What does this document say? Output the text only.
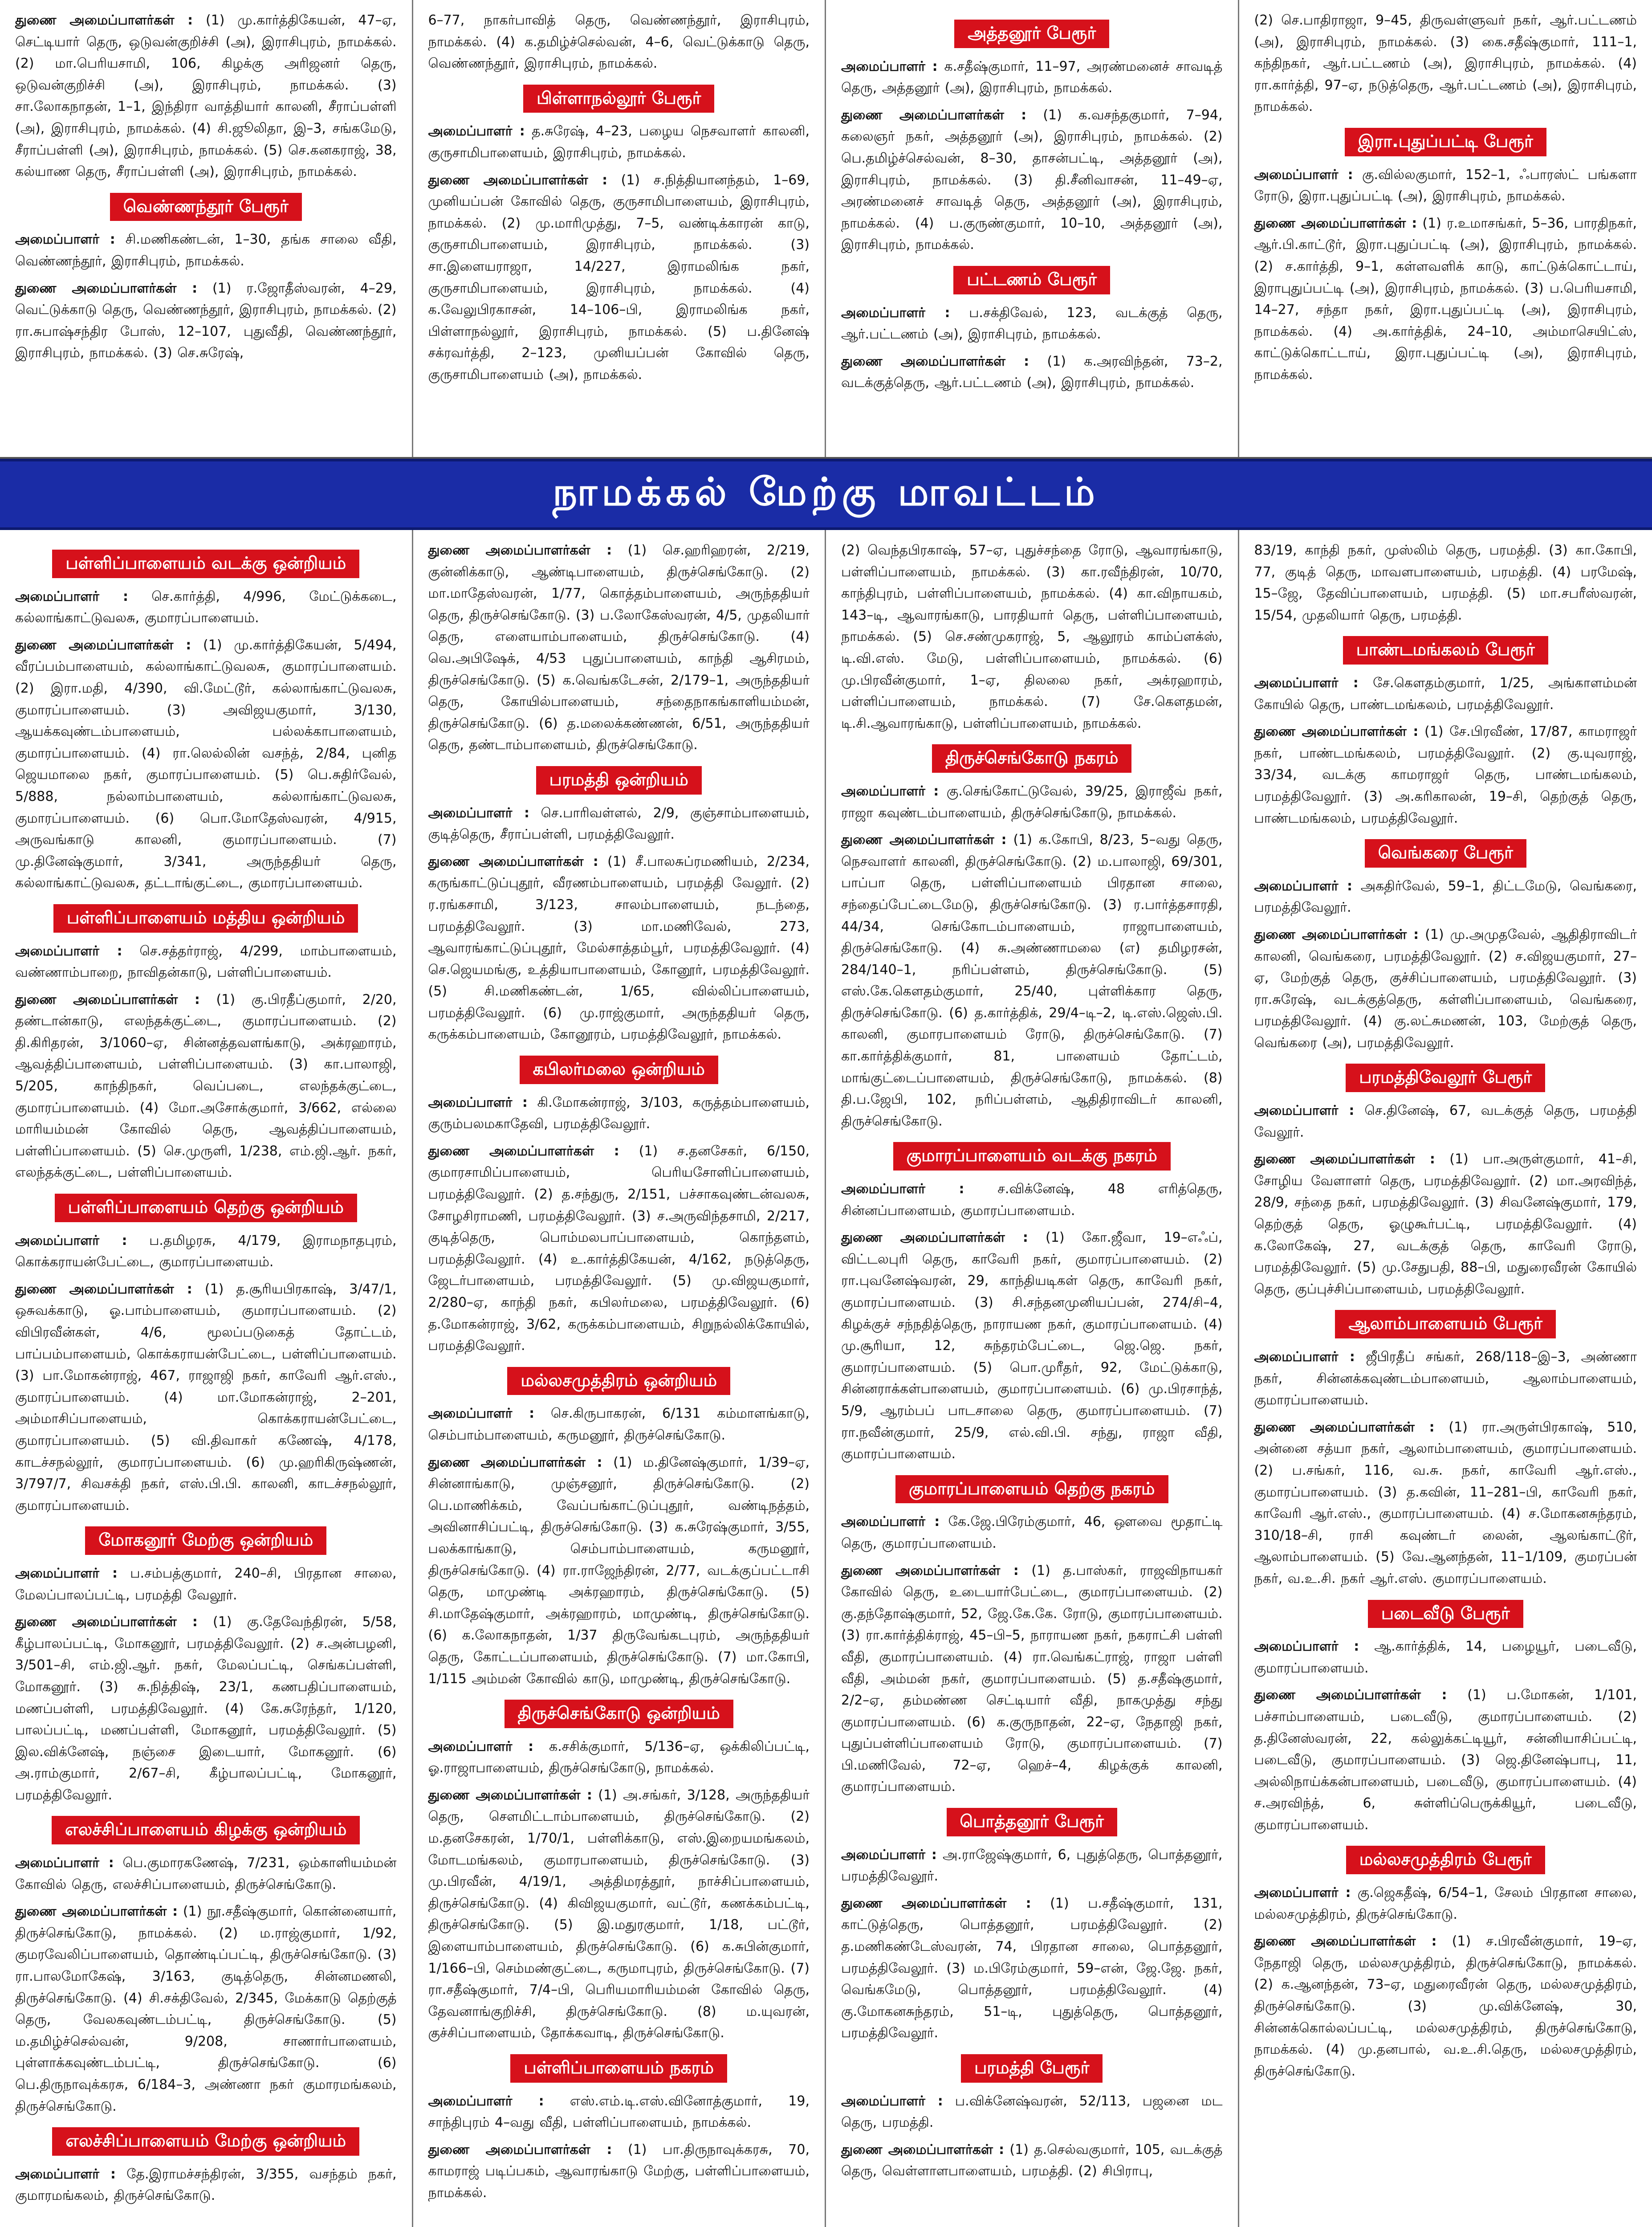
துணை அமைப்பாளர்கள் : (1) மு.கார்த்திகேயன், 47–ஏ, செட்டியார் தெரு, ஒடுவன்குறிச்சி (அ), இராசிபுரம், நாமக்கல். (2) மா.பெரியசாமி, 106, கிழக்கு அரிஜனர் தெரு, ஒடுவன்குறிச்சி (அ), இராசிபுரம், நாமக்கல். (3) சா.லோகநாதன், 1–1, இந்திரா வாத்தியார் காலனி, சீராப்பள்ளி (அ), இராசிபுரம், நாமக்கல். (4) சி.ஜூலிதா, இ–3, சங்கமேடு, சீராப்பள்ளி (அ), இராசிபுரம், நாமக்கல். (5) செ.கனகராஜ், 38, கல்யாண தெரு, சீராப்பள்ளி (அ), இராசிபுரம், நாமக்கல்.

வெண்ணந்தூர் பேரூர்

அமைப்பாளர் : சி.மணிகண்டன், 1–30, தங்க சாலை வீதி, வெண்ணந்தூர், இராசிபுரம், நாமக்கல்.

துணை அமைப்பாளர்கள் : (1) ர.ஜோதீஸ்வரன், 4–29, வெட்டுக்காடு தெரு, வெண்ணந்தூர், இராசிபுரம், நாமக்கல். (2) ரா.சுபாஷ்சந்திர போஸ், 12–107, புதுவீதி, வெண்ணந்தூர், இராசிபுரம், நாமக்கல். (3) செ.சுரேஷ்,

6–77, நாகர்பாவித் தெரு, வெண்ணந்தூர், இராசிபுரம், நாமக்கல். (4) க.தமிழ்ச்செல்வன், 4–6, வெட்டுக்காடு தெரு, வெண்ணந்தூர், இராசிபுரம், நாமக்கல்.

பிள்ளாநல்லூர் பேரூர்

அமைப்பாளர் : த.சுரேஷ், 4–23, பழைய நெசவாளர் காலனி, குருசாமிபாளையம், இராசிபுரம், நாமக்கல்.

துணை அமைப்பாளர்கள் : (1) ச.நித்தியானந்தம், 1–69, முனியப்பன் கோவில் தெரு, குருசாமிபாளையம், இராசிபுரம், நாமக்கல். (2) மு.மாரிமுத்து, 7–5, வண்டிக்காரன் காடு, குருசாமிபாளையம், இராசிபுரம், நாமக்கல். (3) சா.இளையராஜா, 14/227, இராமலிங்க நகர், குருசாமிபாளையம், இராசிபுரம், நாமக்கல். (4) க.வேலுபிரகாசன், 14–106–பி, இராமலிங்க நகர், பிள்ளாநல்லூர், இராசிபுரம், நாமக்கல். (5) ப.தினேஷ் சக்ரவர்த்தி, 2–123, முனியப்பன் கோவில் தெரு, குருசாமிபாளையம் (அ), நாமக்கல்.

அத்தனூர் பேரூர்

அமைப்பாளர் : க.சதீஷ்குமார், 11–97, அரண்மனைச் சாவடித் தெரு, அத்தனூர் (அ), இராசிபுரம், நாமக்கல்.

துணை அமைப்பாளர்கள் : (1) க.வசந்தகுமார், 7–94, கலைஞர் நகர், அத்தனூர் (அ), இராசிபுரம், நாமக்கல். (2) பெ.தமிழ்ச்செல்வன், 8–30, தாசன்பட்டி, அத்தனூர் (அ), இராசிபுரம், நாமக்கல். (3) தி.சீனிவாசன், 11–49–ஏ, அரண்மனைச் சாவடித் தெரு, அத்தனூர் (அ), இராசிபுரம், நாமக்கல். (4) ப.குருண்குமார், 10–10, அத்தனூர் (அ), இராசிபுரம், நாமக்கல்.

பட்டணம் பேரூர்

அமைப்பாளர் : ப.சக்திவேல், 123, வடக்குத் தெரு, ஆர்.பட்டணம் (அ), இராசிபுரம், நாமக்கல்.

துணை அமைப்பாளர்கள் : (1) க.அரவிந்தன், 73–2, வடக்குத்தெரு, ஆர்.பட்டணம் (அ), இராசிபுரம், நாமக்கல்.

(2) செ.பாதிராஜா, 9–45, திருவள்ளுவர் நகர், ஆர்.பட்டணம் (அ), இராசிபுரம், நாமக்கல். (3) கை.சதீஷ்குமார், 111–1, கந்திநகர், ஆர்.பட்டணம் (அ), இராசிபுரம், நாமக்கல். (4) ரா.கார்த்தி, 97–ஏ, நடுத்தெரு, ஆர்.பட்டணம் (அ), இராசிபுரம், நாமக்கல்.

இரா.புதுப்பட்டி பேரூர்

அமைப்பாளர் : கு.வில்லகுமார், 152–1, ஃபாரஸ்ட் பங்களா ரோடு, இரா.புதுப்பட்டி (அ), இராசிபுரம், நாமக்கல்.

துணை அமைப்பாளர்கள் : (1) ர.உமாசங்கர், 5–36, பாரதிநகர், ஆர்.பி.காட்டூர், இரா.புதுப்பட்டி (அ), இராசிபுரம், நாமக்கல். (2) ச.கார்த்தி, 9–1, கள்ளவளிக் காடு, காட்டுக்கொட்டாய், இராபுதுப்பட்டி (அ), இராசிபுரம், நாமக்கல். (3) ப.பெரியசாமி, 14–27, சந்தா நகர், இரா.புதுப்பட்டி (அ), இராசிபுரம், நாமக்கல். (4) அ.கார்த்திக், 24–10, அம்மாசெயிட்ஸ், காட்டுக்கொட்டாய், இரா.புதுப்பட்டி (அ), இராசிபுரம், நாமக்கல்.

நாமக்கல் மேற்கு மாவட்டம்
பள்ளிப்பாளையம் வடக்கு ஒன்றியம்

அமைப்பாளர் : செ.கார்த்தி, 4/996, மேட்டுக்கடை, கல்லாங்காட்டுவலசு, குமாரப்பாளையம்.

துணை அமைப்பாளர்கள் : (1) மு.கார்த்திகேயன், 5/494, வீரப்பம்பாளையம், கல்லாங்காட்டுவலசு, குமாரப்பாளையம். (2) இரா.மதி, 4/390, வி.மேட்டூர், கல்லாங்காட்டுவலசு, குமாரப்பாளையம். (3) அவிஜயகுமார், 3/130, ஆயக்கவுண்டம்பாளையம், பல்லக்காபாளையம், குமாரப்பாளையம். (4) ரா.லெல்லின் வசந்த், 2/84, புனித ஜெயமாலை நகர், குமாரப்பாளையம். (5) பெ.சுதிர்வேல், 5/888, நல்லாம்பாளையம், கல்லாங்காட்டுவலசு, குமாரப்பாளையம். (6) பொ.மோதேஸ்வரன், 4/915, அருவங்காடு காலனி, குமாரப்பாளையம். (7) மு.தினேஷ்குமார், 3/341, அருந்ததியர் தெரு, கல்லாங்காட்டுவலசு, தட்டாங்குட்டை, குமாரப்பாளையம்.

பள்ளிப்பாளையம் மத்திய ஒன்றியம்

அமைப்பாளர் : செ.சத்தர்ராஜ், 4/299, மாம்பாளையம், வண்ணாம்பாறை, நாவிதன்காடு, பள்ளிப்பாளையம்.

துணை அமைப்பாளர்கள் : (1) கு.பிரதீப்குமார், 2/20, தண்டான்காடு, எலந்தக்குட்டை, குமாரப்பாளையம். (2) தி.கிரிதரன், 3/1060–ஏ, சின்னத்தவளங்காடு, அக்ரஹாரம், ஆவத்திப்பாளையம், பள்ளிப்பாளையம். (3) கா.பாலாஜி, 5/205, காந்திநகர், வெப்படை, எலந்தக்குட்டை, குமாரப்பாளையம். (4) மோ.அசோக்குமார், 3/662, எல்லை மாரியம்மன் கோவில் தெரு, ஆவத்திப்பாளையம், பள்ளிப்பாளையம். (5) செ.முருளி, 1/238, எம்.ஜி.ஆர். நகர், எலந்தக்குட்டை, பள்ளிப்பாளையம்.

பள்ளிப்பாளையம் தெற்கு ஒன்றியம்

அமைப்பாளர் : ப.தமிழரசு, 4/179, இராமநாதபுரம், கொக்கராயன்பேட்டை, குமாரப்பாளையம்.

துணை அமைப்பாளர்கள் : (1) த.சூரியபிரகாஷ், 3/47/1, ஒசுவக்காடு, ஓ.பாம்பாளையம், குமாரப்பாளையம். (2) விபிரவீன்கள், 4/6, மூலப்படுகைத் தோட்டம், பாப்பம்பாளையம், கொக்கராயன்பேட்டை, பள்ளிப்பாளையம். (3) பா.மோகன்ராஜ், 467, ராஜாஜி நகர், காவேரி ஆர்.எஸ்., குமாரப்பாளையம். (4) மா.மோகன்ராஜ், 2–201, அம்மாசிப்பாளையம், கொக்கராயன்பேட்டை, குமாரப்பாளையம். (5) வி.திவாகர் கணேஷ், 4/178, காடச்சநல்லூர், குமாரப்பாளையம். (6) மு.ஹரிகிருஷ்ணன், 3/797/7, சிவசக்தி நகர், எஸ்.பி.பி. காலனி, காடச்சநல்லூர், குமாரப்பாளையம்.

மோகனூர் மேற்கு ஒன்றியம்

அமைப்பாளர் : ப.சம்பத்குமார், 240–சி, பிரதான சாலை, மேலப்பாலப்பட்டி, பரமத்தி வேலூர்.

துணை அமைப்பாளர்கள் : (1) கு.தேவேந்திரன், 5/58, கீழ்பாலப்பட்டி, மோகனூர், பரமத்திவேலூர். (2) ச.அன்பழனி, 3/501–சி, எம்.ஜி.ஆர். நகர், மேலப்பட்டி, செங்கப்பள்ளி, மோகனூர். (3) சு.நித்திஷ், 23/1, கணபதிப்பாளையம், மணப்பள்ளி, பரமத்திவேலூர். (4) கே.சுரேந்தர், 1/120, பாலப்பட்டி, மணப்பள்ளி, மோகனூர், பரமத்திவேலூர். (5) இல.விக்னேஷ், நஞ்சை இடையார், மோகனூர். (6) அ.ராம்குமார், 2/67–சி, கீழ்பாலப்பட்டி, மோகனூர், பரமத்திவேலூர்.

எலச்சிப்பாளையம் கிழக்கு ஒன்றியம்

அமைப்பாளர் : பெ.குமாரகணேஷ், 7/231, ஒம்காளியம்மன் கோவில் தெரு, எலச்சிப்பாளையம், திருச்செங்கோடு.

துணை அமைப்பாளர்கள் : (1) நூ.சதீஷ்குமார், கொன்னையார், திருச்செங்கோடு, நாமக்கல். (2) ம.ராஜ்குமார், 1/92, குமரவேலிப்பாளையம், தொண்டிப்பட்டி, திருச்செங்கோடு. (3) ரா.பாலமோகேஷ், 3/163, குடித்தெரு, சின்னமணலி, திருச்செங்கோடு. (4) சி.சக்திவேல், 2/345, மேக்காடு தெற்குத் தெரு, வேலகவுண்டம்பட்டி, திருச்செங்கோடு. (5) ம.தமிழ்ச்செல்வன், 9/208, சாணார்பாளையம், புள்ளாக்கவுண்டம்பட்டி, திருச்செங்கோடு. (6) பெ.திருநாவுக்கரசு, 6/184–3, அண்ணா நகர் குமாரமங்கலம், திருச்செங்கோடு.

எலச்சிப்பாளையம் மேற்கு ஒன்றியம்

அமைப்பாளர் : தே.இராமச்சந்திரன், 3/355, வசந்தம் நகர், குமாரமங்கலம், திருச்செங்கோடு.

துணை அமைப்பாளர்கள் : (1) செ.ஹரிஹரன், 2/219, குன்னிக்காடு, ஆண்டிபாளையம், திருச்செங்கோடு. (2) மா.மாதேஸ்வரன், 1/77, கொத்தம்பாளையம், அருந்ததியர் தெரு, திருச்செங்கோடு. (3) ப.லோகேஸ்வரன், 4/5, முதலியார் தெரு, எளையாம்பாளையம், திருச்செங்கோடு. (4) வெ.அபிஷேக், 4/53 புதுப்பாளையம், காந்தி ஆசிரமம், திருச்செங்கோடு. (5) க.வெங்கடேசன், 2/179–1, அருந்ததியர் தெரு, கோயில்பாளையம், சந்தைநாகங்காளியம்மன், திருச்செங்கோடு. (6) த.மலைக்கண்ணன், 6/51, அருந்ததியர் தெரு, தண்டாம்பாளையம், திருச்செங்கோடு.

பரமத்தி ஒன்றியம்

அமைப்பாளர் : செ.பாரிவள்ளல், 2/9, குஞ்சாம்பாளையம், குடித்தெரு, சீராப்பள்ளி, பரமத்திவேலூர்.

துணை அமைப்பாளர்கள் : (1) சீ.பாலசுப்ரமணியம், 2/234, கருங்காட்டுப்புதூர், வீரணம்பாளையம், பரமத்தி வேலூர். (2) ர.ரங்கசாமி, 3/123, சாலம்பாளையம், நடந்தை, பரமத்திவேலூர். (3) மா.மணிவேல், 273, ஆவாரங்காட்டுப்புதூர், மேல்சாத்தம்பூர், பரமத்திவேலூர். (4) செ.ஜெயமங்கு, உத்தியாபாளையம், கோனூர், பரமத்திவேலூர். (5) சி.மணிகண்டன், 1/65, வில்லிப்பாளையம், பரமத்திவேலூர். (6) மு.ராஜ்குமார், அருந்ததியர் தெரு, கருக்கம்பாளையம், கோனூரம், பரமத்திவேலூர், நாமக்கல்.

கபிலர்மலை ஒன்றியம்

அமைப்பாளர் : கி.மோகன்ராஜ், 3/103, கருத்தம்பாளையம், குரும்பலமகாதேவி, பரமத்திவேலூர்.

துணை அமைப்பாளர்கள் : (1) ச.தனசேகர், 6/150, குமாரசாமிப்பாளையம், பெரியசோளிப்பாளையம், பரமத்திவேலூர். (2) த.சந்துரு, 2/151, பச்சாகவுண்டன்வலசு, சோழசிராமணி, பரமத்திவேலூர். (3) ச.அருவிந்தசாமி, 2/217, குடித்தெரு, பொம்மலபாப்பாளையம், கொந்தளம், பரமத்திவேலூர். (4) உ.கார்த்திகேயன், 4/162, நடுத்தெரு, ஜேடர்பாளையம், பரமத்திவேலூர். (5) மு.விஜயகுமார், 2/280–ஏ, காந்தி நகர், கபிலர்மலை, பரமத்திவேலூர். (6) த.மோகன்ராஜ், 3/62, கருக்கம்பாளையம், சிறுநல்லிக்கோயில், பரமத்திவேலூர்.

மல்லசமுத்திரம் ஒன்றியம்

அமைப்பாளர் : செ.கிருபாகரன், 6/131 கம்மாளங்காடு, செம்பாம்பாளையம், கருமனூர், திருச்செங்கோடு.

துணை அமைப்பாளர்கள் : (1) ம.தினேஷ்குமார், 1/39–ஏ, சின்னாங்காடு, முஞ்சனூர், திருச்செங்கோடு. (2) பெ.மாணிக்கம், வேப்பங்காட்டுப்புதூர், வண்டிநத்தம், அவினாசிப்பட்டி, திருச்செங்கோடு. (3) க.சுரேஷ்குமார், 3/55, பலக்காங்காடு, செம்பாம்பாளையம், கருமனூர், திருச்செங்கோடு. (4) ரா.ராஜேந்திரன், 2/77, வடக்குப்பட்டாசி தெரு, மாமுண்டி அக்ரஹாரம், திருச்செங்கோடு. (5) சி.மாதேஷ்குமார், அக்ரஹாரம், மாமுண்டி, திருச்செங்கோடு. (6) க.லோகநாதன், 1/37 திருவேங்கடபுரம், அருந்ததியர் தெரு, கோட்டப்பாளையம், திருச்செங்கோடு. (7) மா.கோபி, 1/115 அம்மன் கோவில் காடு, மாமுண்டி, திருச்செங்கோடு.

திருச்செங்கோடு ஒன்றியம்

அமைப்பாளர் : க.சசிக்குமார், 5/136–ஏ, ஒக்கிலிப்பட்டி, ஓ.ராஜாபாளையம், திருச்செங்கோடு, நாமக்கல்.

துணை அமைப்பாளர்கள் : (1) அ.சங்கர், 3/128, அருந்ததியர் தெரு, சௌமிட்டாம்பாளையம், திருச்செங்கோடு. (2) ம.தனசேகரன், 1/70/1, பள்ளிக்காடு, எஸ்.இறையமங்கலம், மோடமங்கலம், குமாரபாளையம், திருச்செங்கோடு. (3) மு.பிரவீன், 4/19/1, அத்திமரத்தூர், நாச்சிப்பாளையம், திருச்செங்கோடு. (4) கிவிஜயகுமார், வட்டூர், கணக்கம்பட்டி, திருச்செங்கோடு. (5) இ.மதுரகுமார், 1/18, பட்டூர், இளையாம்பாளையம், திருச்செங்கோடு. (6) க.சுபின்குமார், 1/166–பி, செம்மண்குட்டை, கருமாபுரம், திருச்செங்கோடு. (7) ரா.சதீஷ்குமார், 7/4–பி, பெரியமாரியம்மன் கோவில் தெரு, தேவனாங்குறிச்சி, திருச்செங்கோடு. (8) ம.யுவரன், குச்சிப்பாளையம், தோக்கவாடி, திருச்செங்கோடு.

பள்ளிப்பாளையம் நகரம்

அமைப்பாளர் : எஸ்.எம்.டி.எஸ்.வினோத்குமார், 19, சாந்திபுரம் 4–வது வீதி, பள்ளிப்பாளையம், நாமக்கல்.

துணை அமைப்பாளர்கள் : (1) பா.திருநாவுக்கரசு, 70, காமராஜ் படிப்பகம், ஆவாரங்காடு மேற்கு, பள்ளிப்பாளையம், நாமக்கல்.

(2) வெந்தபிரகாஷ், 57–ஏ, புதுச்சந்தை ரோடு, ஆவாரங்காடு, பள்ளிப்பாளையம், நாமக்கல். (3) கா.ரவீந்திரன், 10/70, காந்திபுரம், பள்ளிப்பாளையம், நாமக்கல். (4) கா.விநாயகம், 143–டி, ஆவாரங்காடு, பாரதியார் தெரு, பள்ளிப்பாளையம், நாமக்கல். (5) செ.சண்முகராஜ், 5, ஆலூரம் காம்ப்ளக்ஸ், டி.வி.எஸ். மேடு, பள்ளிப்பாளையம், நாமக்கல். (6) மு.பிரவீன்குமார், 1–ஏ, திலலை நகர், அக்ரஹாரம், பள்ளிப்பாளையம், நாமக்கல். (7) சே.கௌதமன், டி.சி.ஆவாரங்காடு, பள்ளிப்பாளையம், நாமக்கல்.

திருச்செங்கோடு நகரம்

அமைப்பாளர் : கு.செங்கோட்டுவேல், 39/25, இராஜீவ் நகர், ராஜா கவுண்டம்பாளையம், திருச்செங்கோடு, நாமக்கல்.

துணை அமைப்பாளர்கள் : (1) க.கோபி, 8/23, 5–வது தெரு, நெசவாளர் காலனி, திருச்செங்கோடு. (2) ம.பாலாஜி, 69/301, பாப்பா தெரு, பள்ளிப்பாளையம் பிரதான சாலை, சந்தைப்பேட்டைமேடு, திருச்செங்கோடு. (3) ர.பார்த்தசாரதி, 44/34, செங்கோடம்பாளையம், ராஜாபாளையம், திருச்செங்கோடு. (4) சு.அண்ணாமலை (எ) தமிழரசன், 284/140–1, நரிப்பள்ளம், திருச்செங்கோடு. (5) எஸ்.கே.கௌதம்குமார், 25/40, புள்ளிக்கார தெரு, திருச்செங்கோடு. (6) த.கார்த்திக், 29/4–டி–2, டி.எஸ்.ஜெஸ்.பி. காலனி, குமாரபாளையம் ரோடு, திருச்செங்கோடு. (7) கா.கார்த்திக்குமார், 81, பாளையம் தோட்டம், மாங்குட்டைப்பாளையம், திருச்செங்கோடு, நாமக்கல். (8) தி.ப.ஜேபி, 102, நரிப்பள்ளம், ஆதிதிராவிடர் காலனி, திருச்செங்கோடு.

குமாரப்பாளையம் வடக்கு நகரம்

அமைப்பாளர் : ச.விக்னேஷ், 48 எரித்தெரு, சின்னப்பாளையம், குமாரப்பாளையம்.

துணை அமைப்பாளர்கள் : (1) கோ.ஜீவா, 19–எஃப், விட்டலபுரி தெரு, காவேரி நகர், குமாரப்பாளையம். (2) ரா.புவனேஷ்வரன், 29, காந்தியடிகள் தெரு, காவேரி நகர், குமாரப்பாளையம். (3) சி.சந்தனமுனியப்பன், 274/சி–4, கிழக்குச் சந்நதித்தெரு, நாராயண நகர், குமாரப்பாளையம். (4) மு.சூரியா, 12, சுந்தரம்பேட்டை, ஜெ.ஜெ. நகர், குமாரப்பாளையம். (5) பொ.முரீதர், 92, மேட்டுக்காடு, சின்னராக்கள்பாளையம், குமாரப்பாளையம். (6) மு.பிரசாந்த், 5/9, ஆரம்பப் பாடசாலை தெரு, குமாரப்பாளையம். (7) ரா.நவீன்குமார், 25/9, எல்.வி.பி. சந்து, ராஜா வீதி, குமாரப்பாளையம்.

குமாரப்பாளையம் தெற்கு நகரம்

அமைப்பாளர் : கே.ஜே.பிரேம்குமார், 46, ஔவை மூதாட்டி தெரு, குமாரப்பாளையம்.

துணை அமைப்பாளர்கள் : (1) த.பாஸ்கர், ராஜவிநாயகர் கோவில் தெரு, உடையார்பேட்டை, குமாரப்பாளையம். (2) கு.தந்தோஷ்குமார், 52, ஜே.கே.கே. ரோடு, குமாரப்பாளையம். (3) ரா.கார்த்திக்ராஜ், 45–பி–5, நாராயண நகர், நகராட்சி பள்ளி வீதி, குமாரப்பாளையம். (4) ரா.வெங்கட்ராஜ், ராஜா பள்ளி வீதி, அம்மன் நகர், குமாரப்பாளையம். (5) த.சதீஷ்குமார், 2/2–ஏ, தம்மண்ண செட்டியார் வீதி, நாகமுத்து சந்து குமாரப்பாளையம். (6) க.குருநாதன், 22–ஏ, நேதாஜி நகர், புதுப்பள்ளிப்பாளையம் ரோடு, குமாரப்பாளையம். (7) பி.மணிவேல், 72–ஏ, ஹெச்–4, கிழக்குக் காலனி, குமாரப்பாளையம்.

பொத்தனூர் பேரூர்

அமைப்பாளர் : அ.ராஜேஷ்குமார், 6, புதுத்தெரு, பொத்தனூர், பரமத்திவேலூர்.

துணை அமைப்பாளர்கள் : (1) ப.சதீஷ்குமார், 131, காட்டுத்தெரு, பொத்தனூர், பரமத்திவேலூர். (2) த.மணிகண்டேஸ்வரன், 74, பிரதான சாலை, பொத்தனூர், பரமத்திவேலூர். (3) ம.பிரேம்குமார், 59–என், ஜே.ஜே. நகர், வெங்கமேடு, பொத்தனூர், பரமத்திவேலூர். (4) கு.மோகனசுந்தரம், 51–டி, புதுத்தெரு, பொத்தனூர், பரமத்திவேலூர்.

பரமத்தி பேரூர்

அமைப்பாளர் : ப.விக்னேஷ்வரன், 52/113, பஜனை மட தெரு, பரமத்தி.

துணை அமைப்பாளர்கள் : (1) த.செல்வகுமார், 105, வடக்குத் தெரு, வெள்ளாளபாளையம், பரமத்தி. (2) சிபிராபு,

83/19, காந்தி நகர், முஸ்லிம் தெரு, பரமத்தி. (3) கா.கோபி, 77, குடித் தெரு, மாவளபாளையம், பரமத்தி. (4) பரமேஷ், 15–ஜே, தேவிப்பாளையம், பரமத்தி. (5) மா.சபரீஸ்வரன், 15/54, முதலியார் தெரு, பரமத்தி.

பாண்டமங்கலம் பேரூர்

அமைப்பாளர் : சே.கௌதம்குமார், 1/25, அங்காளம்மன் கோயில் தெரு, பாண்டமங்கலம், பரமத்திவேலூர்.

துணை அமைப்பாளர்கள் : (1) சே.பிரவீண், 17/87, காமராஜர் நகர், பாண்டமங்கலம், பரமத்திவேலூர். (2) கு.யுவராஜ், 33/34, வடக்கு காமராஜர் தெரு, பாண்டமங்கலம், பரமத்திவேலூர். (3) அ.கரிகாலன், 19–சி, தெற்குத் தெரு, பாண்டமங்கலம், பரமத்திவேலூர்.

வெங்கரை பேரூர்

அமைப்பாளர் : அகதிர்வேல், 59–1, திட்டமேடு, வெங்கரை, பரமத்திவேலூர்.

துணை அமைப்பாளர்கள் : (1) மு.அமுதவேல், ஆதிதிராவிடர் காலனி, வெங்கரை, பரமத்திவேலூர். (2) ச.விஜயகுமார், 27–ஏ, மேற்குத் தெரு, குச்சிப்பாளையம், பரமத்திவேலூர். (3) ரா.சுரேஷ், வடக்குத்தெரு, கள்ளிப்பாளையம், வெங்கரை, பரமத்திவேலூர். (4) கு.லட்சுமணன், 103, மேற்குத் தெரு, வெங்கரை (அ), பரமத்திவேலூர்.

பரமத்திவேலூர் பேரூர்

அமைப்பாளர் : செ.தினேஷ், 67, வடக்குத் தெரு, பரமத்தி வேலூர்.

துணை அமைப்பாளர்கள் : (1) பா.அருள்குமார், 41–சி, சோழிய வேளாளர் தெரு, பரமத்திவேலூர். (2) மா.அரவிந்த், 28/9, சந்தை நகர், பரமத்திவேலூர். (3) சிவனேஷ்குமார், 179, தெற்குத் தெரு, ஓழுகூர்பட்டி, பரமத்திவேலூர். (4) க.லோகேஷ், 27, வடக்குத் தெரு, காவேரி ரோடு, பரமத்திவேலூர். (5) மு.சேதுபதி, 88–பி, மதுரைவீரன் கோயில் தெரு, குப்புச்சிப்பாளையம், பரமத்திவேலூர்.

ஆலாம்பாளையம் பேரூர்

அமைப்பாளர் : ஜீபிரதீப் சங்கர், 268/118–இ–3, அண்ணா நகர், சின்னக்கவுண்டம்பாளையம், ஆலாம்பாளையம், குமாரப்பாளையம்.

துணை அமைப்பாளர்கள் : (1) ரா.அருள்பிரகாஷ், 510, அன்னை சத்யா நகர், ஆலாம்பாளையம், குமாரப்பாளையம். (2) ப.சங்கர், 116, வ.சு. நகர், காவேரி ஆர்.எஸ்., குமாரப்பாளையம். (3) த.கவின், 11–281–பி, காவேரி நகர், காவேரி ஆர்.எஸ்., குமாரப்பாளையம். (4) ச.மோகனசுந்தரம், 310/18–சி, ராசி கவுண்டர் லைன், ஆலங்காட்டூர், ஆலாம்பாளையம். (5) வே.ஆனந்தன், 11–1/109, குமரப்பன் நகர், வ.உ.சி. நகர் ஆர்.எஸ். குமாரப்பாளையம்.

படைவீடு பேரூர்

அமைப்பாளர் : ஆ.கார்த்திக், 14, பழையூர், படைவீடு, குமாரப்பாளையம்.

துணை அமைப்பாளர்கள் : (1) ப.மோகன், 1/101, பச்சாம்பாளையம், படைவீடு, குமாரப்பாளையம். (2) த.தினேஸ்வரன், 22, கல்லுக்கட்டியூர், சன்னியாசிப்பட்டி, படைவீடு, குமாரப்பாளையம். (3) ஜெ.தினேஷ்பாபு, 11, அல்லிநாய்க்கன்பாளையம், படைவீடு, குமாரப்பாளையம். (4) ச.அரவிந்த், 6, சுள்ளிப்பெருக்கியூர், படைவீடு, குமாரப்பாளையம்.

மல்லசமுத்திரம் பேரூர்

அமைப்பாளர் : கு.ஜெகதீஷ், 6/54–1, சேலம் பிரதான சாலை, மல்லசமுத்திரம், திருச்செங்கோடு.

துணை அமைப்பாளர்கள் : (1) ச.பிரவீன்குமார், 19–ஏ, நேதாஜி தெரு, மல்லசமுத்திரம், திருச்செங்கோடு, நாமக்கல். (2) க.ஆனந்தன், 73–ஏ, மதுரைவீரன் தெரு, மல்லசமுத்திரம், திருச்செங்கோடு. (3) மு.விக்னேஷ், 30, சின்னக்கொல்லப்பட்டி, மல்லசமுத்திரம், திருச்செங்கோடு, நாமக்கல். (4) மு.தனபால், வ.உ.சி.தெரு, மல்லசமுத்திரம், திருச்செங்கோடு.
